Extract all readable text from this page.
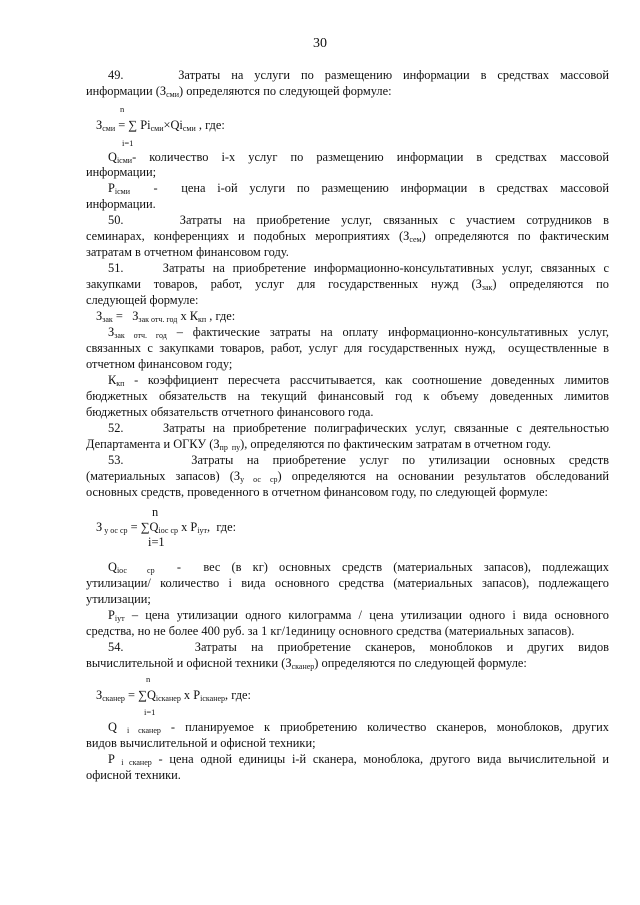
30
49.     Затраты на услуги по размещению информации в средствах массовой
информации (Зсми) определяются по следующей формуле:
n
Зсми = ∑ Piсми×Qiсми , где:
i=1
Qiсми- количество i-х услуг по размещению информации в средствах массовой
информации;
Piсми  -  цена i-ой услуги по размещению информации в средствах массовой
информации.
50.     Затраты на приобретение услуг, связанных с участием сотрудников в
семинарах, конференциях и подобных мероприятиях (Зсем) определяются по фактическим
затратам в отчетном финансовом году.
51.     Затраты на приобретение информационно-консультативных услуг, связанных с
закупками товаров, работ, услуг для государственных нужд (Ззак) определяются по
следующей формуле:
Ззак =   Ззак отч. год х Ккп , где:
Ззак отч. год – фактические затраты на оплату информационно-консультативных услуг,
связанных с закупками товаров, работ, услуг для государственных нужд,  осуществленные в
отчетном финансовом году;
Ккп - коэффициент пересчета рассчитывается, как соотношение доведенных лимитов
бюджетных обязательств на текущий финансовый год к объему доведенных лимитов
бюджетных обязательств отчетного финансового года.
52.     Затраты на приобретение полиграфических услуг, связанные с деятельностью
Департамента и ОГКУ (Зпр  пу), определяются по фактическим затратам в отчетном году.
53.     Затраты на приобретение услуг по утилизации основных средств
(материальных запасов) (Зу ос ср) определяются на основании результатов обследований
основных средств, проведенного в отчетном финансовом году, по следующей формуле:
n
З у ос ср = ∑Qiос ср х Piут,  где:
i=1
Qiос  ср  -  вес (в кг) основных средств (материальных запасов), подлежащих
утилизации/ количество i вида основного средства (материальных запасов), подлежащего
утилизации;
Piут – цена утилизации одного килограмма / цена утилизации одного i вида основного
средства, но не более 400 руб. за 1 кг/1единицу основного средства (материальных запасов).
54.     Затраты на приобретение сканеров, моноблоков и других видов
вычислительной и офисной техники (Зсканер) определяются по следующей формуле:
n
Зсканер = ∑Qiсканер х Piсканер, где:
i=1
Q i сканер - планируемое к приобретению количество сканеров, моноблоков, других
видов вычислительной и офисной техники;
P i сканер - цена одной единицы i-й сканера, моноблока, другого вида вычислительной и
офисной техники.
